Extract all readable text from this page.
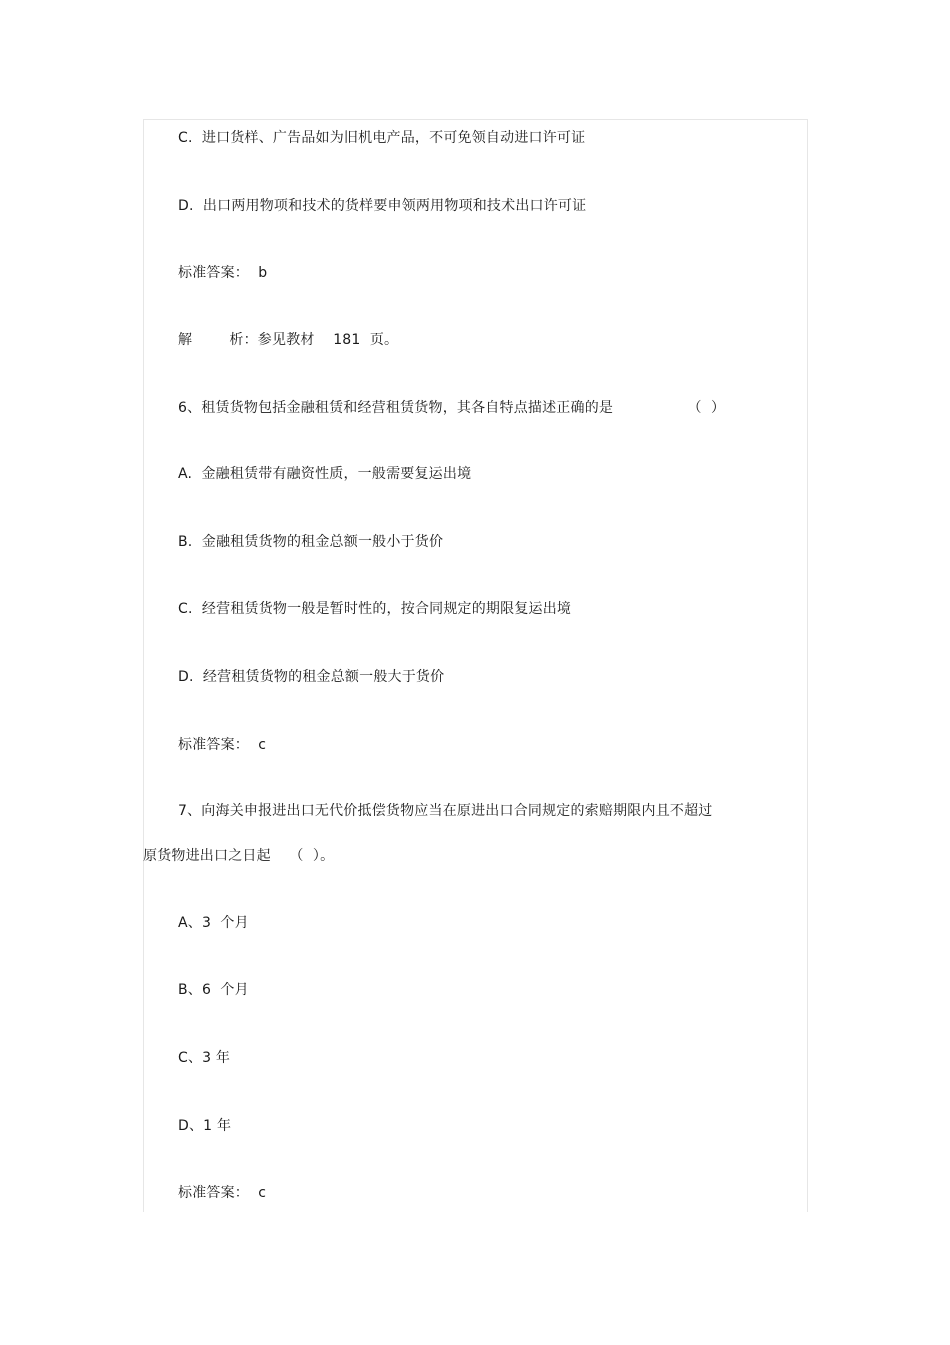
C.  进口货样、广告品如为旧机电产品，不可免领自动进口许可证
D.  出口两用物项和技术的货样要申领两用物项和技术出口许可证
标准答案：  b
解        析：参见教材    181  页。
6、租赁货物包括金融租赁和经营租赁货物，其各自特点描述正确的是                （  ）
A.  金融租赁带有融资性质，一般需要复运出境
B.  金融租赁货物的租金总额一般小于货价
C.  经营租赁货物一般是暂时性的，按合同规定的期限复运出境
D.  经营租赁货物的租金总额一般大于货价
标准答案：  c
7、向海关申报进出口无代价抵偿货物应当在原进出口合同规定的索赔期限内且不超过
原货物进出口之日起    （  ）。
A、3  个月
B、6  个月
C、3 年
D、1 年
标准答案：  c
